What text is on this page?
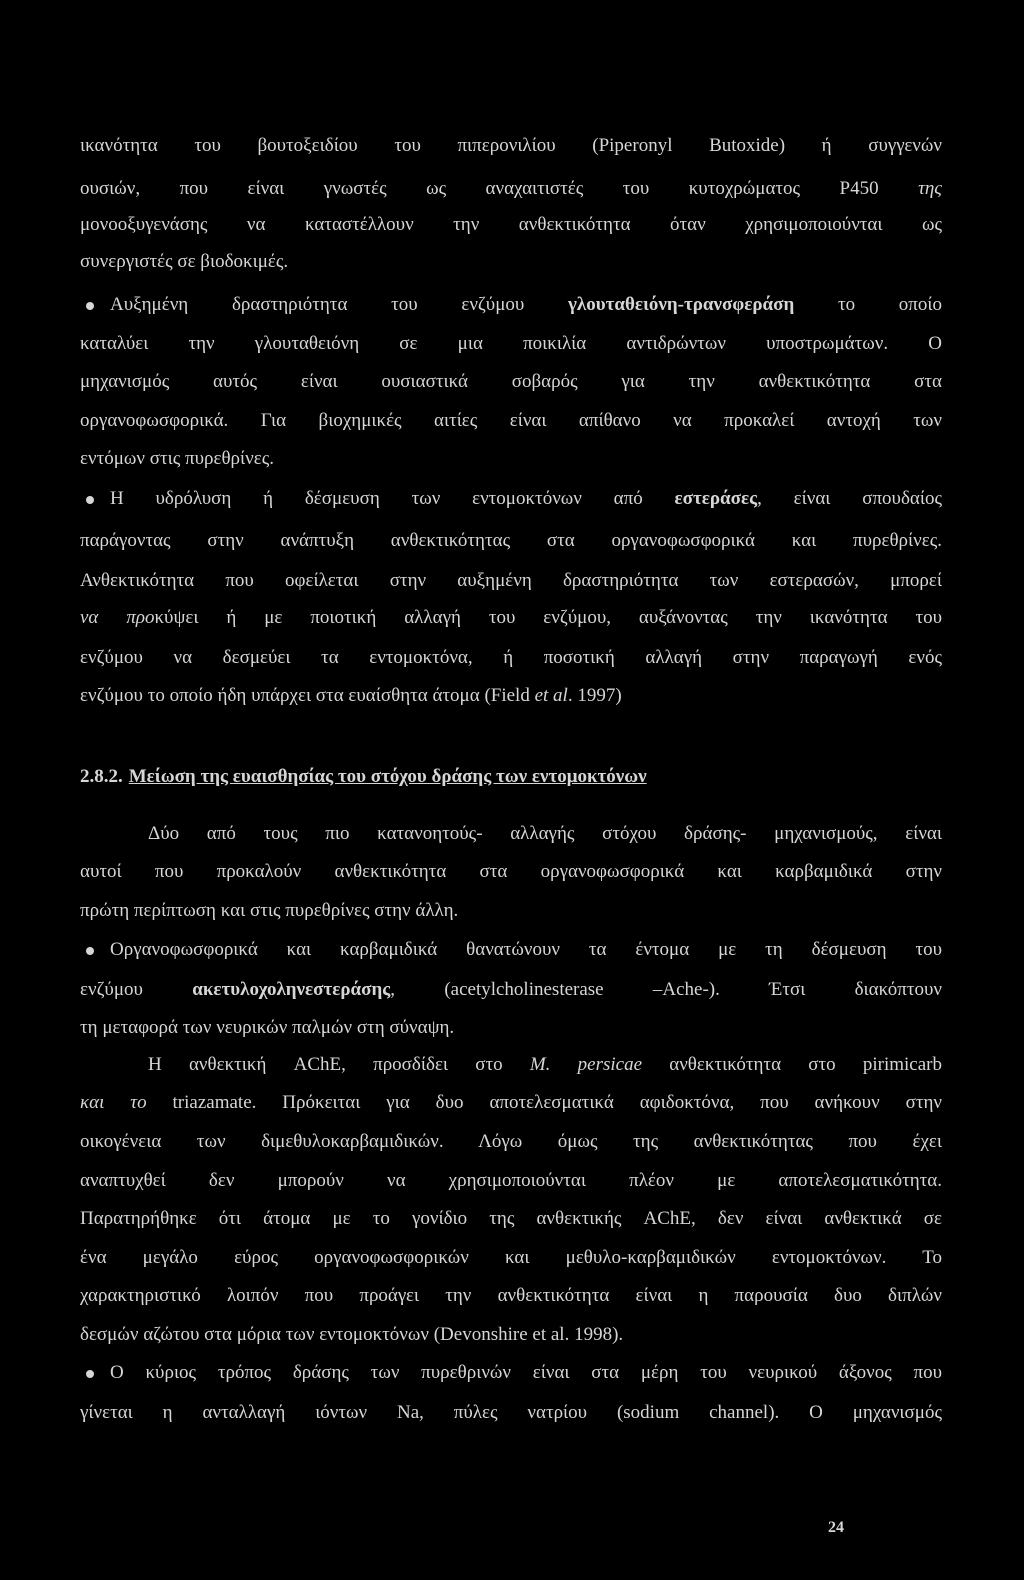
ικανότητα του βουτοξειδίου του πιπερονιλίου (Piperonyl Butoxide) ή συγγενών
ουσιών, που είναι γνωστές ως αναχαιτιστές του κυτοχρώματος P450 της
μονοοξυγενάσης να καταστέλλουν την ανθεκτικότητα όταν χρησιμοποιούνται ως
συνεργιστές σε βιοδοκιμές.
Αυξημένη δραστηριότητα του ενζύμου γλουταθειόνη-τρανσφεράση το οποίο
καταλύει την γλουταθειόνη σε μια ποικιλία αντιδρώντων υποστρωμάτων. Ο
μηχανισμός αυτός είναι ουσιαστικά σοβαρός για την ανθεκτικότητα στα
οργανοφωσφορικά. Για βιοχημικές αιτίες είναι απίθανο να προκαλεί αντοχή των
εντόμων στις πυρεθρίνες.
Η υδρόλυση ή δέσμευση των εντομοκτόνων από εστεράσες, είναι σπουδαίος
παράγοντας στην ανάπτυξη ανθεκτικότητας στα οργανοφωσφορικά και πυρεθρίνες.
Ανθεκτικότητα που οφείλεται στην αυξημένη δραστηριότητα των εστερασών, μπορεί
να προκύψει ή με ποιοτική αλλαγή του ενζύμου, αυξάνοντας την ικανότητα του
ενζύμου να δεσμεύει τα εντομοκτόνα, ή ποσοτική αλλαγή στην παραγωγή ενός
ενζύμου το οποίο ήδη υπάρχει στα ευαίσθητα άτομα (Field et al. 1997)
2.8.2. Μείωση της ευαισθησίας του στόχου δράσης των εντομοκτόνων
Δύο από τους πιο κατανοητούς- αλλαγής στόχου δράσης- μηχανισμούς, είναι
αυτοί που προκαλούν ανθεκτικότητα στα οργανοφωσφορικά και καρβαμιδικά στην
πρώτη περίπτωση και στις πυρεθρίνες στην άλλη.
Οργανοφωσφορικά και καρβαμιδικά θανατώνουν τα έντομα με τη δέσμευση του
ενζύμου ακετυλοχοληνεστεράσης, (acetylcholinesterase –Ache-). Έτσι διακόπτουν
τη μεταφορά των νευρικών παλμών στη σύναψη.
Η ανθεκτική AChE, προσδίδει στο M. persicae ανθεκτικότητα στο pirimicarb
και το triazamate. Πρόκειται για δυο αποτελεσματικά αφιδοκτόνα, που ανήκουν στην
οικογένεια των διμεθυλοκαρβαμιδικών. Λόγω όμως της ανθεκτικότητας που έχει
αναπτυχθεί δεν μπορούν να χρησιμοποιούνται πλέον με αποτελεσματικότητα.
Παρατηρήθηκε ότι άτομα με το γονίδιο της ανθεκτικής AChE, δεν είναι ανθεκτικά σε
ένα μεγάλο εύρος οργανοφωσφορικών και μεθυλο-καρβαμιδικών εντομοκτόνων. Το
χαρακτηριστικό λοιπόν που προάγει την ανθεκτικότητα είναι η παρουσία δυο διπλών
δεσμών αζώτου στα μόρια των εντομοκτόνων (Devonshire et al. 1998).
Ο κύριος τρόπος δράσης των πυρεθρινών είναι στα μέρη του νευρικού άξονος που
γίνεται η ανταλλαγή ιόντων Na, πύλες νατρίου (sodium channel). Ο μηχανισμός
24
